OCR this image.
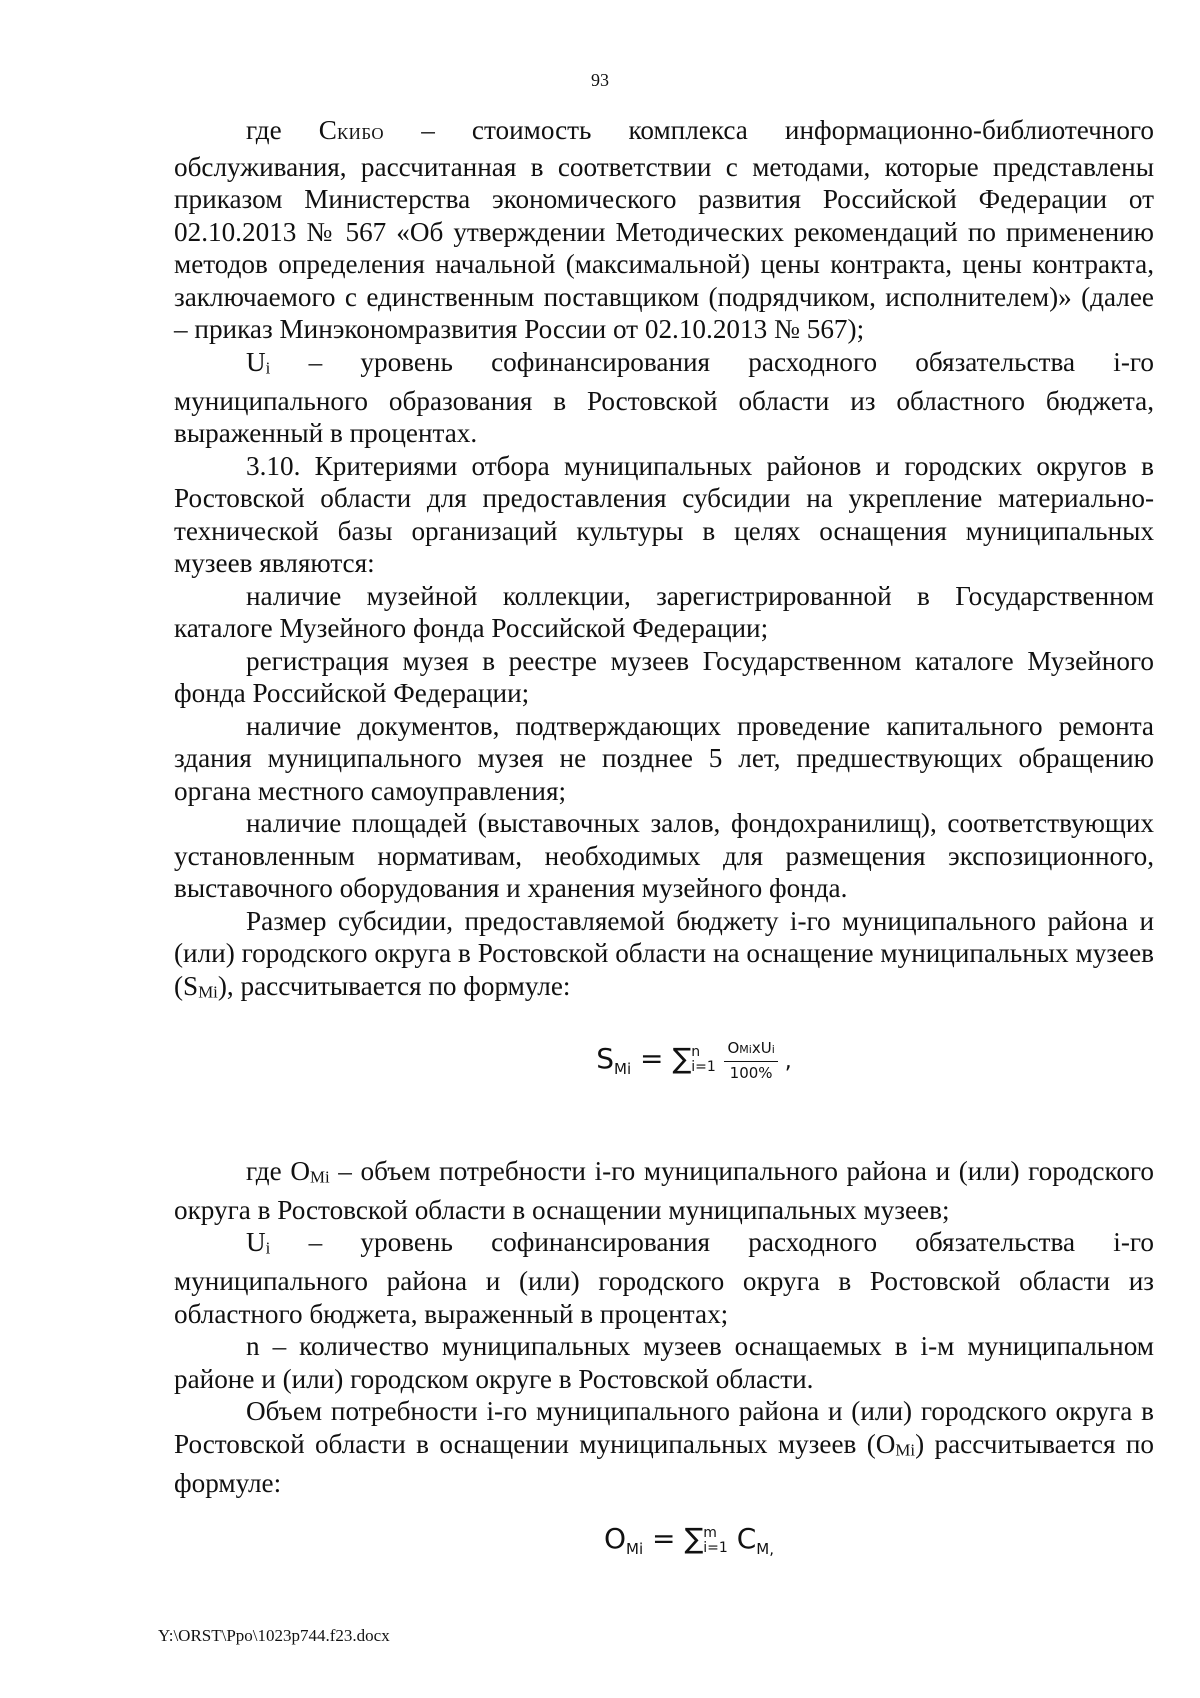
93

где СКИБО – стоимость комплекса информационно-библиотечного обслуживания, рассчитанная в соответствии с методами, которые представлены приказом Министерства экономического развития Российской Федерации от 02.10.2013 № 567 «Об утверждении Методических рекомендаций по применению методов определения начальной (максимальной) цены контракта, цены контракта, заключаемого с единственным поставщиком (подрядчиком, исполнителем)» (далее – приказ Минэкономразвития России от 02.10.2013 № 567);

Ui – уровень софинансирования расходного обязательства i-го муниципального образования в Ростовской области из областного бюджета, выраженный в процентах.

3.10. Критериями отбора муниципальных районов и городских округов в Ростовской области для предоставления субсидии на укрепление материально-технической базы организаций культуры в целях оснащения муниципальных музеев являются:

наличие музейной коллекции, зарегистрированной в Государственном каталоге Музейного фонда Российской Федерации;

регистрация музея в реестре музеев Государственном каталоге Музейного фонда Российской Федерации;

наличие документов, подтверждающих проведение капитального ремонта здания муниципального музея не позднее 5 лет, предшествующих обращению органа местного самоуправления;

наличие площадей (выставочных залов, фондохранилищ), соответствующих установленным нормативам, необходимых для размещения экспозиционного, выставочного оборудования и хранения музейного фонда.

Размер субсидии, предоставляемой бюджету i-го муниципального района и (или) городского округа в Ростовской области на оснащение муниципальных музеев (SMi), рассчитывается по формуле:

$S_{Mi}$ = ∑ n
i=1
$\frac{\text{OMixUi}}{100\%}$ ,

где OMi – объем потребности i-го муниципального района и (или) городского округа в Ростовской области в оснащении муниципальных музеев;

Ui – уровень софинансирования расходного обязательства i-го муниципального района и (или) городского округа в Ростовской области из областного бюджета, выраженный в процентах;

n – количество муниципальных музеев оснащаемых в i-м муниципальном районе и (или) городском округе в Ростовской области.

Объем потребности i-го муниципального района и (или) городского округа в Ростовской области в оснащении муниципальных музеев (OMi) рассчитывается по формуле:

$O_{Mi}$ = ∑ m
i=1 $C_{M,}$
Y:\ORST\Ppo\1023p744.f23.docx
